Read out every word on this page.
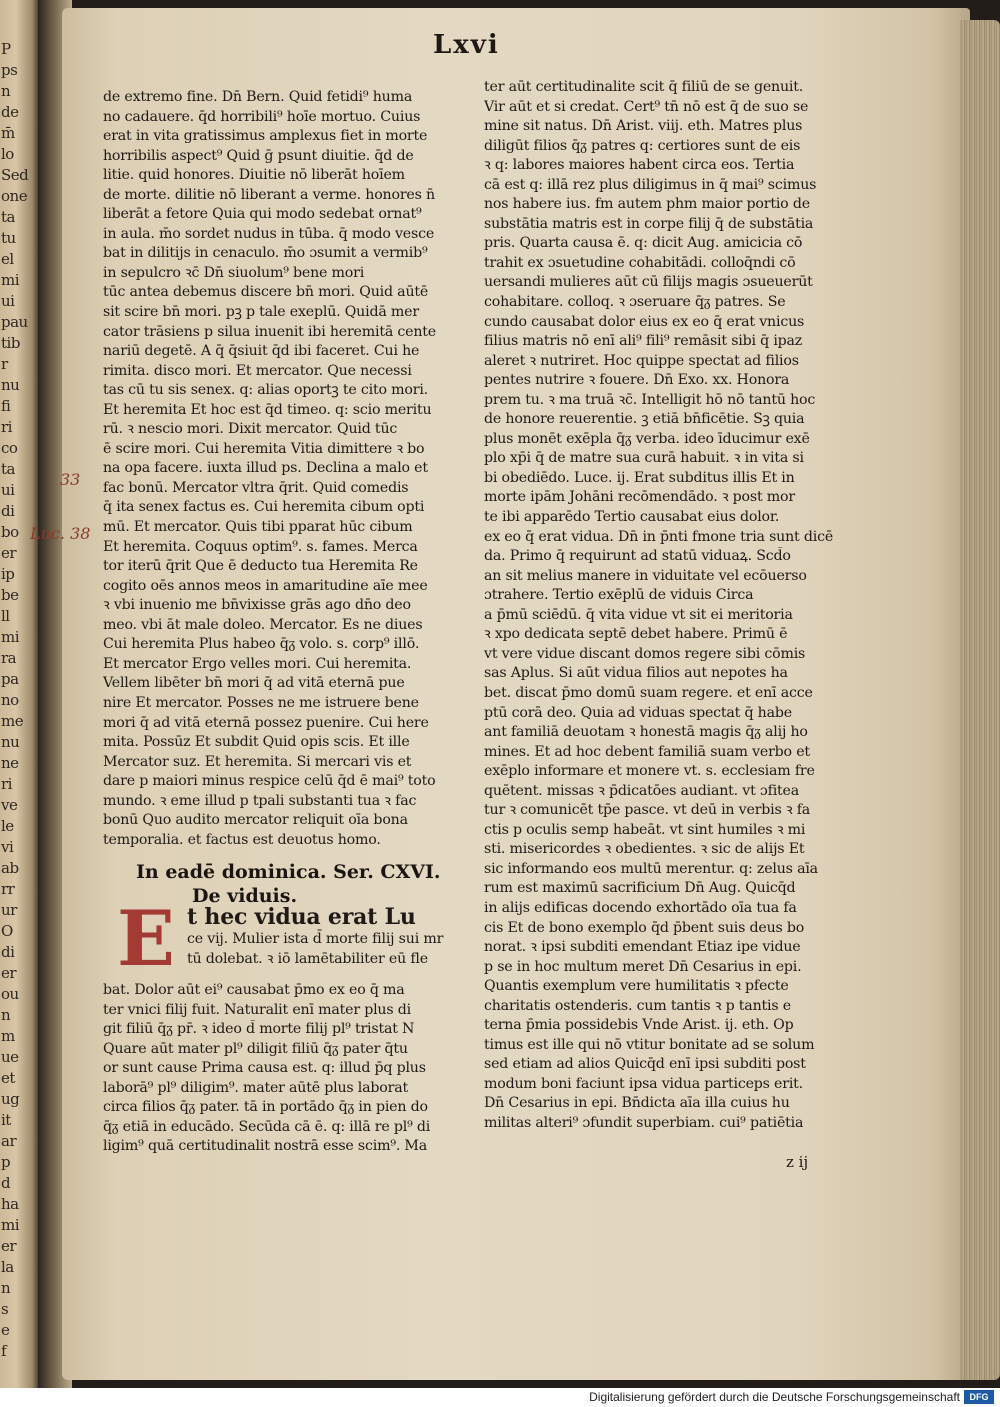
P
ps
n
de
m̄
lo
Sed
one
ta
tu
el
mi
ui
pau
tib
r
nu
fi
ri
co
ta
ui
di
bo
er
ip
be
ll
mi
ra
pa
no
me
nu
ne
ri
ve
le
vi
ab
rr
ur
O
di
er
ou
n
m
ue
et
ug
it
ar
p
d
ha
mi
er
la
n
s
e
f
Lxvi
de extremo fine. Dn̄ Bern. Quid fetidi⁹ huma
no cadauere. q̄d horribili⁹ hoīe mortuo. Cuius
erat in vita gratissimus amplexus fiet in morte
horribilis aspect⁹ Quid ḡ psunt diuitie. q̄d de
litie. quid honores. Diuitie nō liberāt hoīem
de morte. dilitie nō liberant a verme. honores n̄
liberāt a fetore Quia qui modo sedebat ornat⁹
in aula. m̄o sordet nudus in tūba. q̄ modo vesce
bat in dilitijs in cenaculo. m̄o ɔsumit a vermib⁹
in sepulcro ꝛc̄ Dn̄ siuolum⁹ bene mori
tūc antea debemus discere bn̄ mori. Quid aūtē
sit scire bn̄ mori. pꝫ p tale exeplū. Quidā mer
cator trāsiens p silua inuenit ibi heremitā cente
nariū degetē. A q̄ q̄siuit q̄d ibi faceret. Cui he
rimita. disco mori. Et mercator. Que necessi
tas cū tu sis senex. q: alias oportꝫ te cito mori.
Et heremita Et hoc est q̄d timeo. q: scio meritu
rū. ꝛ nescio mori. Dixit mercator. Quid tūc
ē scire mori. Cui heremita Vitia dimittere ꝛ bo
na opa facere. iuxta illud ps. Declina a malo et
fac bonū. Mercator vltra q̄rit. Quid comedis
q̄ ita senex factus es. Cui heremita cibum opti
mū. Et mercator. Quis tibi pparat hūc cibum
Et heremita. Coquus optim⁹. s. fames. Merca
tor iterū q̄rit Que ē deducto tua Heremita Re
cogito oēs annos meos in amaritudine aīe mee
ꝛ vbi inuenio me bn̄vixisse grās ago dn̄o deo
meo. vbi āt male doleo. Mercator. Es ne diues
Cui heremita Plus habeo q̄ᵹ volo. s. corp⁹ illō.
Et mercator Ergo velles mori. Cui heremita.
Vellem libēter bn̄ mori q̄ ad vitā eternā pue
nire Et mercator. Posses ne me istruere bene
mori q̄ ad vitā eternā possez puenire. Cui here
mita. Possūz Et subdit Quid opis scis. Et ille
Mercator suz. Et heremita. Si mercari vis et
dare p maiori minus respice celū q̄d ē mai⁹ toto
mundo. ꝛ eme illud p tpali substanti tua ꝛ fac
bonū Quo audito mercator reliquit oīa bona
temporalia. et factus est deuotus homo.
33
Luc. 38
In eadē dominica. Ser. CXVI.
De viduis.
E t hec vidua erat Lu
ce vij. Mulier ista d̄ morte filij sui mr
tū dolebat. ꝛ iō lamētabiliter eū fle
bat. Dolor aūt ei⁹ causabat p̄mo ex eo q̄ ma
ter vnici filij fuit. Naturalit enī mater plus di
git filiū q̄ᵹ pr̄. ꝛ ideo d̄ morte filij pl⁹ tristat N
Quare aūt mater pl⁹ diligit filiū q̄ᵹ pater q̄tu
or sunt cause Prima causa est. q: illud p̄q plus
laborā⁹ pl⁹ diligim⁹. mater aūtē plus laborat
circa filios q̄ᵹ pater. tā in portādo q̄ᵹ in pien do
q̄ᵹ etiā in educādo. Secūda cā ē. q: illā re pl⁹ di
ligim⁹ quā certitudinalit nostrā esse scim⁹. Ma
ter aūt certitudinalite scit q̄ filiū de se genuit.
Vir aūt et si credat. Cert⁹ tn̄ nō est q̄ de suo se
mine sit natus. Dn̄ Arist. viij. eth. Matres plus
diligūt filios q̄ᵹ patres q: certiores sunt de eis
ꝛ q: labores maiores habent circa eos. Tertia
cā est q: illā rez plus diligimus in q̄ mai⁹ scimus
nos habere ius. fm autem phm maior portio de
substātia matris est in corpe filij q̄ de substātia
pris. Quarta causa ē. q: dicit Aug. amicicia cō
trahit ex ɔsuetudine cohabitādi. colloq̄ndi cō
uersandi mulieres aūt cū filijs magis ɔsueuerūt
cohabitare. colloq. ꝛ ɔseruare q̄ᵹ patres. Se
cundo causabat dolor eius ex eo q̄ erat vnicus
filius matris nō enī ali⁹ fili⁹ remāsit sibi q̄ ipaz
aleret ꝛ nutriret. Hoc quippe spectat ad filios
pentes nutrire ꝛ fouere. Dn̄ Exo. xx. Honora
prem tu. ꝛ ma truā ꝛc̄. Intelligit hō nō tantū hoc
de honore reuerentie. ꝫ etiā bn̄ficētie. Sꝫ quia
plus monēt exēpla q̄ᵹ verba. ideo īducimur exē
plo xp̄i q̄ de matre sua curā habuit. ꝛ in vita si
bi obediēdo. Luce. ij. Erat subditus illis Et in
morte ipām Johāni recōmendādo. ꝛ post mor
te ibi apparēdo Tertio causabat eius dolor.
ex eo q̄ erat vidua. Dn̄ in p̄nti fmone tria sunt dicē
da. Primo q̄ requirunt ad statū viduaꝝ. Scd̄o
an sit melius manere in viduitate vel ecōuerso
ɔtrahere. Tertio exēplū de viduis Circa
a p̄mū sciēdū. q̄ vita vidue vt sit ei meritoria
ꝛ xpo dedicata septē debet habere. Primū ē
vt vere vidue discant domos regere sibi cōmis
sas Aplus. Si aūt vidua filios aut nepotes ha
bet. discat p̄mo domū suam regere. et enī acce
ptū corā deo. Quia ad viduas spectat q̄ habe
ant familiā deuotam ꝛ honestā magis q̄ᵹ alij ho
mines. Et ad hoc debent familiā suam verbo et
exēplo informare et monere vt. s. ecclesiam fre
quētent. missas ꝛ p̄dicatōes audiant. vt ɔfitea
tur ꝛ comunicēt tp̄e pasce. vt deū in verbis ꝛ fa
ctis p oculis semp habeāt. vt sint humiles ꝛ mi
sti. misericordes ꝛ obedientes. ꝛ sic de alijs Et
sic informando eos multū merentur. q: zelus aīa
rum est maximū sacrificium Dn̄ Aug. Quicq̄d
in alijs edificas docendo exhortādo oīa tua fa
cis Et de bono exemplo q̄d p̄bent suis deus bo
norat. ꝛ ipsi subditi emendant Etiaz ipe vidue
p se in hoc multum meret Dn̄ Cesarius in epi.
Quantis exemplum vere humilitatis ꝛ pfecte
charitatis ostenderis. cum tantis ꝛ p tantis e
terna p̄mia possidebis Vnde Arist. ij. eth. Op
timus est ille qui nō vtitur bonitate ad se solum
sed etiam ad alios Quicq̄d enī ipsi subditi post
modum boni faciunt ipsa vidua particeps erit.
Dn̄ Cesarius in epi. Bn̄dicta aīa illa cuius hu
militas alteri⁹ ɔfundit superbiam. cui⁹ patiētia
z ij
Digitalisierung gefördert durch die Deutsche Forschungsgemeinschaft	DFG
